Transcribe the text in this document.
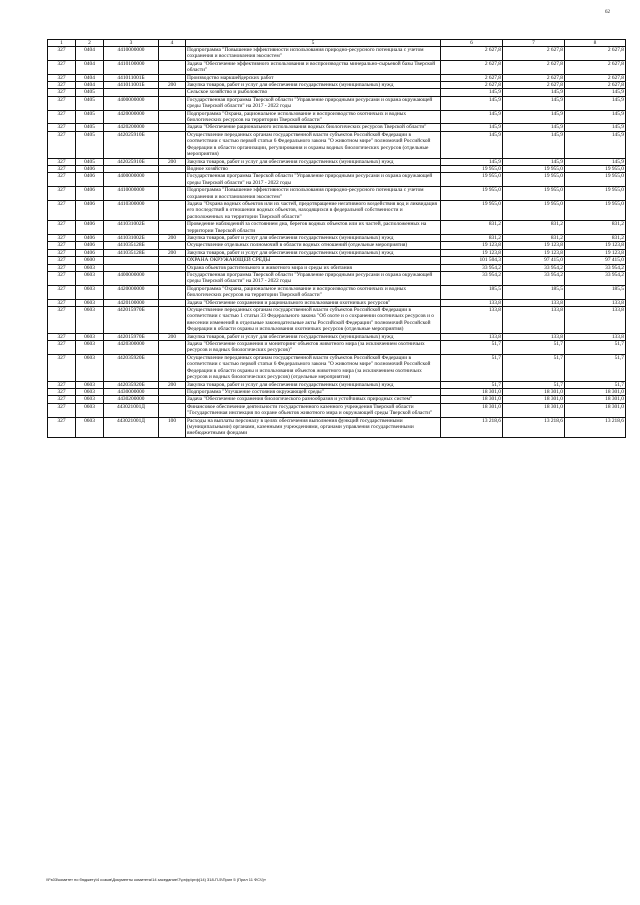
62
1	2	3	4	5	6	7	8
327	0404	4410000000		Подпрограмма "Повышение эффективности использования природно-ресурсного потенциала с учетом сохранения и восстановления экосистем"	2 627,8	2 627,8	2 627,8
327	0404	4410100000		Задача "Обеспечение эффективного использования и воспроизводства минерально-сырьевой базы Тверской области"	2 627,8	2 627,8	2 627,8
327	0404	441011001Б		Производство маркшейдерских работ	2 627,8	2 627,8	2 627,8
327	0404	441011001Б	200	Закупка товаров, работ и услуг для обеспечения государственных (муниципальных) нужд	2 627,8	2 627,8	2 627,8
327	0405			Сельское хозяйство и рыболовство	145,9	145,9	145,9
327	0405	4400000000		Государственная программа Тверской области "Управление природными ресурсами и охрана окружающей среды Тверской области" на 2017 - 2022 годы	145,9	145,9	145,9
327	0405	4420000000		Подпрограмма "Охрана, рациональное использование и воспроизводство охотничьих и водных биологических ресурсов на территории Тверской области"	145,9	145,9	145,9
327	0405	4420200000		Задача "Обеспечение рационального использования водных биологических ресурсов Тверской области"	145,9	145,9	145,9
327	0405	442025910Б		Осуществление переданных органам государственной власти субъектов Российской Федерации в соответствии с частью первой статьи 6 Федерального закона "О животном мире" полномочий Российской Федерации в области организации, регулирования и охраны водных биологических ресурсов (отдельные мероприятия)	145,9	145,9	145,9
327	0405	442025910Б	200	Закупка товаров, работ и услуг для обеспечения государственных (муниципальных) нужд	145,9	145,9	145,9
327	0406			Водное хозяйство	19 955,0	19 955,0	19 955,0
327	0406	4400000000		Государственная программа Тверской области "Управление природными ресурсами и охрана окружающей среды Тверской области" на 2017 - 2022 годы	19 955,0	19 955,0	19 955,0
327	0406	4410000000		Подпрограмма "Повышение эффективности использования природно-ресурсного потенциала с учетом сохранения и восстановления экосистем"	19 955,0	19 955,0	19 955,0
327	0406	4410300000		Задача "Охрана водных объектов или их частей, предотвращение негативного воздействия вод и ликвидация его последствий в отношении водных объектов, находящихся в федеральной собственности и расположенных на территории Тверской области"	19 955,0	19 955,0	19 955,0
327	0406	441031002Б		Проведение наблюдений за состоянием дна, берегов водных объектов или их частей, расположенных на территории Тверской области	831,2	831,2	831,2
327	0406	441031002Б	200	Закупка товаров, работ и услуг для обеспечения государственных (муниципальных) нужд	831,2	831,2	831,2
327	0406	441035128Б		Осуществление отдельных полномочий в области водных отношений (отдельные мероприятия)	19 123,8	19 123,8	19 123,8
327	0406	441035128Б	200	Закупка товаров, работ и услуг для обеспечения государственных (муниципальных) нужд	19 123,8	19 123,8	19 123,8
327	0600			ОХРАНА ОКРУЖАЮЩЕЙ СРЕДЫ	101 504,3	97 415,0	97 415,0
327	0603			Охрана объектов растительного и животного мира и среды их обитания	33 954,2	33 954,2	33 954,2
327	0603	4400000000		Государственная программа Тверской области "Управление природными ресурсами и охрана окружающей среды Тверской области" на 2017 - 2022 годы	33 954,2	33 954,2	33 954,2
327	0603	4420000000		Подпрограмма "Охрана, рациональное использование и воспроизводство охотничьих и водных биологических ресурсов на территории Тверской области"	185,5	185,5	185,5
327	0603	4420100000		Задача "Обеспечение сохранения и рационального использования охотничьих ресурсов"	133,8	133,8	133,8
327	0603	442015970Б		Осуществление переданных органам государственной власти субъектов Российской Федерации в соответствии с частью 1 статьи 33 Федерального закона "Об охоте и о сохранении охотничьих ресурсов и о внесении изменений в отдельные законодательные акты Российской Федерации" полномочий Российской Федерации в области охраны и использования охотничьих ресурсов (отдельные мероприятия)	133,8	133,8	133,8
327	0603	442015970Б	200	Закупка товаров, работ и услуг для обеспечения государственных (муниципальных) нужд	133,8	133,8	133,8
327	0603	4420300000		Задача "Обеспечение сохранения и мониторинг объектов животного мира (за исключением охотничьих ресурсов и водных биологических ресурсов)"	51,7	51,7	51,7
327	0603	442035920Б		Осуществление переданных органам государственной власти субъектов Российской Федерации в соответствии с частью первой статьи 6 Федерального закона "О животном мире" полномочий Российской Федерации в области охраны и использования объектов животного мира (за исключением охотничьих ресурсов и водных биологических ресурсов) (отдельные мероприятия)	51,7	51,7	51,7
327	0603	442035920Б	200	Закупка товаров, работ и услуг для обеспечения государственных (муниципальных) нужд	51,7	51,7	51,7
327	0603	4430000000		Подпрограмма "Улучшение состояния окружающей среды"	18 301,0	18 301,0	18 301,0
327	0603	4430200000		Задача "Обеспечение сохранения биологического разнообразия и устойчивых природных систем"	18 301,0	18 301,0	18 301,0
327	0603	443021001Д		Финансовое обеспечение деятельности государственного казенного учреждения Тверской области "Государственная инспекция по охране объектов животного мира и окружающей среды Тверской области"	18 301,0	18 301,0	18 301,0
327	0603	443021001Д	100	Расходы на выплаты персоналу в целях обеспечения выполнения функций государственными (муниципальными) органами, казенными учреждениями, органами управления государственными внебюджетными фондами	13 218,6	13 218,6	13 218,6
\\Fs03\комитет по бюджету\4 созыв\Документы комитета\14 заседание\7\ргфр\ргф(14) 318-П-5\Прил 5 (Прил 11 ФСЧ)»
